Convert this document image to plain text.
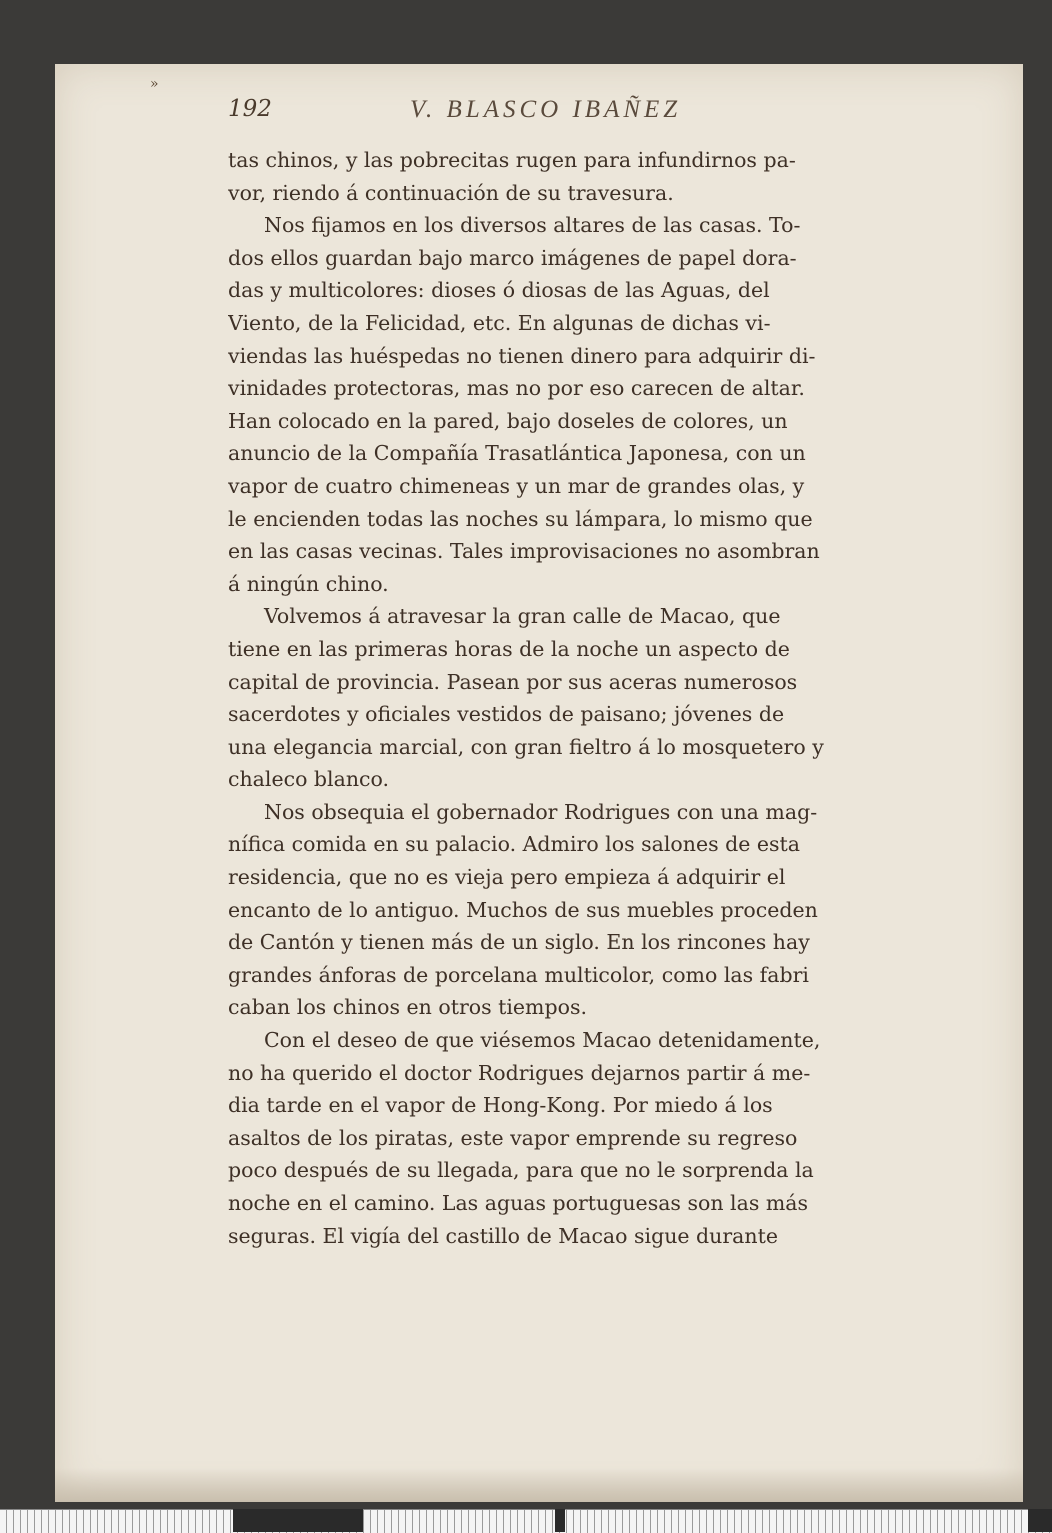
»
192	V. BLASCO IBAÑEZ
tas chinos, y las pobrecitas rugen para infundirnos pa-
vor, riendo á continuación de su travesura.
Nos fijamos en los diversos altares de las casas. To-
dos ellos guardan bajo marco imágenes de papel dora-
das y multicolores: dioses ó diosas de las Aguas, del
Viento, de la Felicidad, etc. En algunas de dichas vi-
viendas las huéspedas no tienen dinero para adquirir di-
vinidades protectoras, mas no por eso carecen de altar.
Han colocado en la pared, bajo doseles de colores, un
anuncio de la Compañía Trasatlántica Japonesa, con un
vapor de cuatro chimeneas y un mar de grandes olas, y
le encienden todas las noches su lámpara, lo mismo que
en las casas vecinas. Tales improvisaciones no asombran
á ningún chino.
Volvemos á atravesar la gran calle de Macao, que
tiene en las primeras horas de la noche un aspecto de
capital de provincia. Pasean por sus aceras numerosos
sacerdotes y oficiales vestidos de paisano; jóvenes de
una elegancia marcial, con gran fieltro á lo mosquetero y
chaleco blanco.
Nos obsequia el gobernador Rodrigues con una mag-
nífica comida en su palacio. Admiro los salones de esta
residencia, que no es vieja pero empieza á adquirir el
encanto de lo antiguo. Muchos de sus muebles proceden
de Cantón y tienen más de un siglo. En los rincones hay
grandes ánforas de porcelana multicolor, como las fabri
caban los chinos en otros tiempos.
Con el deseo de que viésemos Macao detenidamente,
no ha querido el doctor Rodrigues dejarnos partir á me-
dia tarde en el vapor de Hong-Kong. Por miedo á los
asaltos de los piratas, este vapor emprende su regreso
poco después de su llegada, para que no le sorprenda la
noche en el camino. Las aguas portuguesas son las más
seguras. El vigía del castillo de Macao sigue durante
